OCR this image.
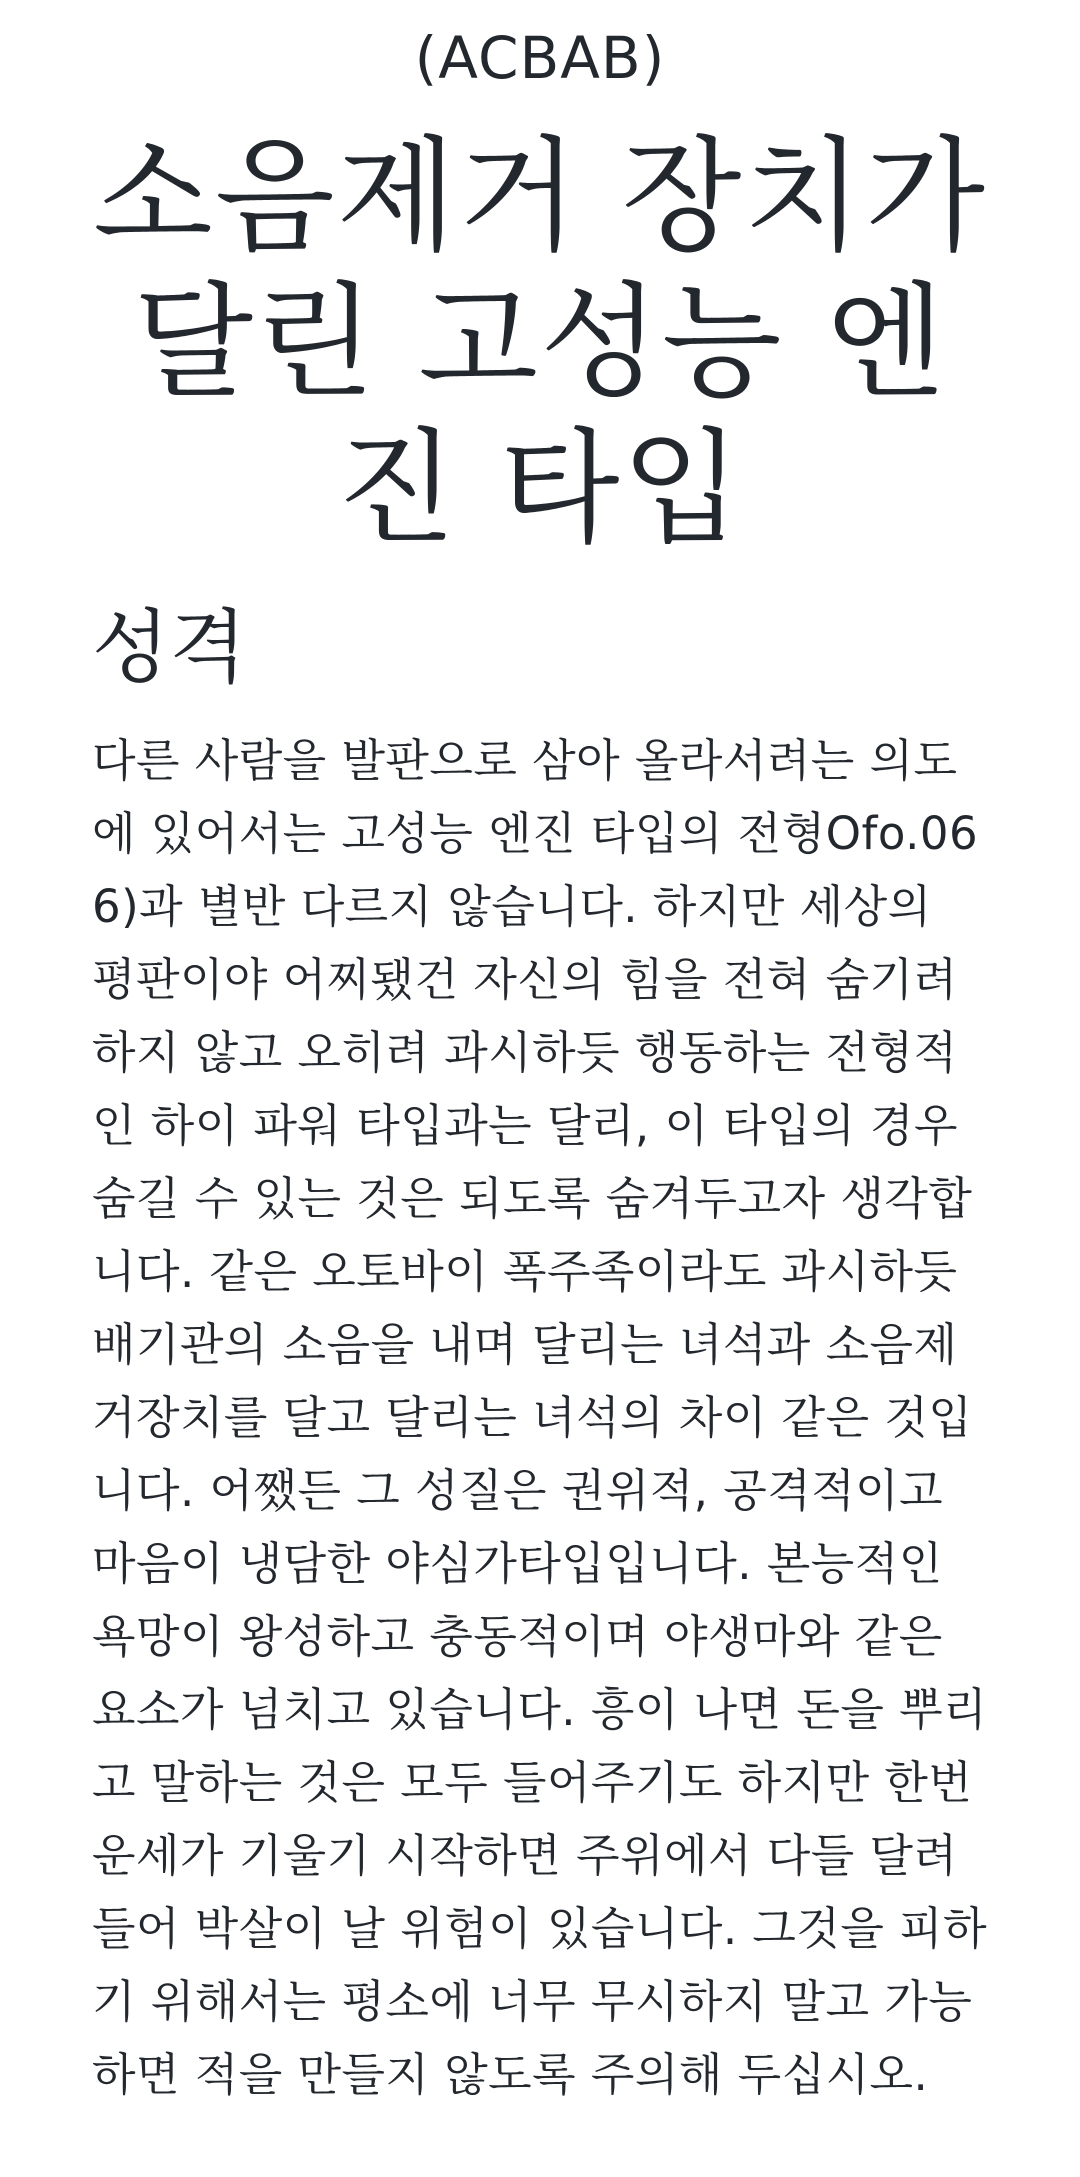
(ACBAB)

소음제거 장치가 달린 고성능 엔진 타입
성격

다른 사람을 발판으로 삼아 올라서려는 의도에 있어서는 고성능 엔진 타입의 전형Ofo.066)과 별반 다르지 않습니다. 하지만 세상의 평판이야 어찌됐건 자신의 힘을 전혀 숨기려 하지 않고 오히려 과시하듯 행동하는 전형적인 하이 파워 타입과는 달리, 이 타입의 경우숨길 수 있는 것은 되도록 숨겨두고자 생각합니다. 같은 오토바이 폭주족이라도 과시하듯 배기관의 소음을 내며 달리는 녀석과 소음제거장치를 달고 달리는 녀석의 차이 같은 것입니다. 어쨌든 그 성질은 권위적, 공격적이고 마음이 냉담한 야심가타입입니다. 본능적인 욕망이 왕성하고 충동적이며 야생마와 같은 요소가 넘치고 있습니다. 흥이 나면 돈을 뿌리고 말하는 것은 모두 들어주기도 하지만 한번 운세가 기울기 시작하면 주위에서 다들 달려들어 박살이 날 위험이 있습니다. 그것을 피하기 위해서는 평소에 너무 무시하지 말고 가능하면 적을 만들지 않도록 주의해 두십시오.
